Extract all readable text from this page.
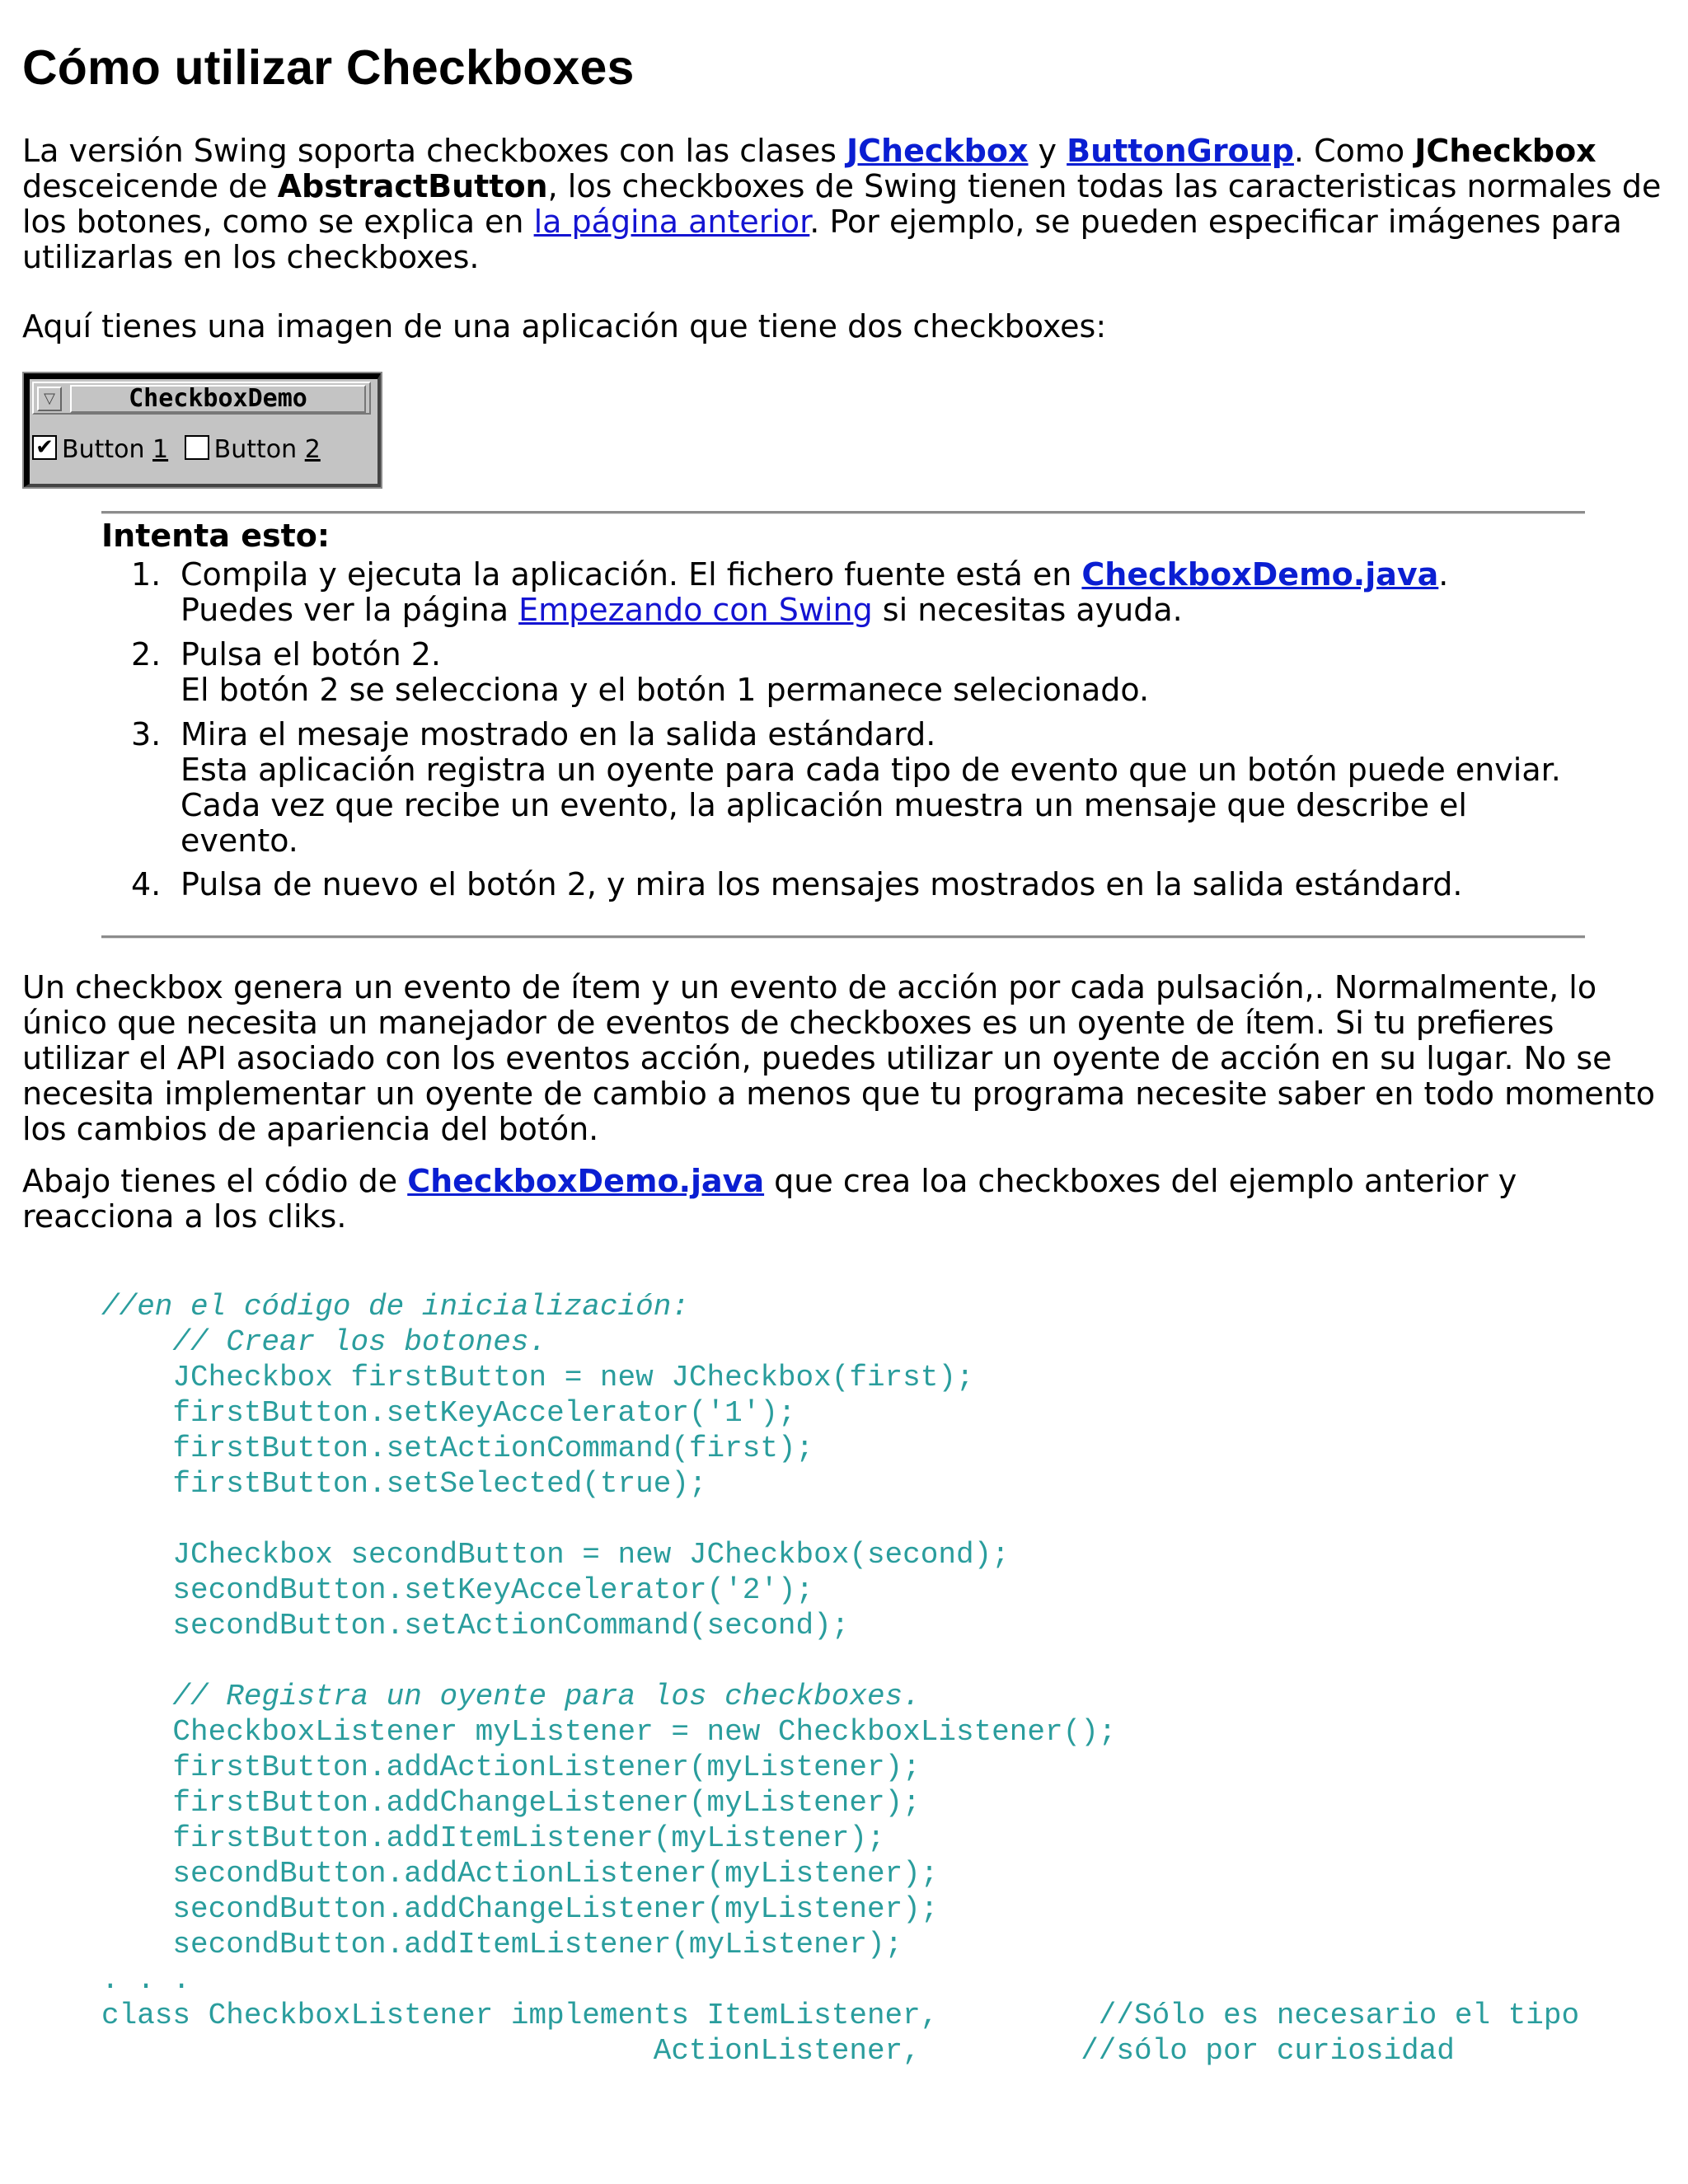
Cómo utilizar Checkboxes
La versión Swing soporta checkboxes con las clases JCheckbox y ButtonGroup. Como JCheckbox desceicende de AbstractButton, los checkboxes de Swing tienen todas las caracteristicas normales de los botones, como se explica en la página anterior. Por ejemplo, se pueden especificar imágenes para utilizarlas en los checkboxes.
Aquí tienes una imagen de una aplicación que tiene dos checkboxes:
▽	CheckboxDemo
✔ Button 1 Button 2
Intenta esto:
1. Compila y ejecuta la aplicación. El fichero fuente está en CheckboxDemo.java.
Puedes ver la página Empezando con Swing si necesitas ayuda.
2. Pulsa el botón 2.
El botón 2 se selecciona y el botón 1 permanece selecionado.
3. Mira el mesaje mostrado en la salida estándard.
Esta aplicación registra un oyente para cada tipo de evento que un botón puede enviar.
Cada vez que recibe un evento, la aplicación muestra un mensaje que describe el
evento.
4. Pulsa de nuevo el botón 2, y mira los mensajes mostrados en la salida estándard.
Un checkbox genera un evento de ítem y un evento de acción por cada pulsación,. Normalmente, lo único que necesita un manejador de eventos de checkboxes es un oyente de ítem. Si tu prefieres utilizar el API asociado con los eventos acción, puedes utilizar un oyente de acción en su lugar. No se necesita implementar un oyente de cambio a menos que tu programa necesite saber en todo momento los cambios de apariencia del botón.
Abajo tienes el códio de CheckboxDemo.java que crea loa checkboxes del ejemplo anterior y reacciona a los cliks.
//en el código de inicialización:
// Crear los botones.
JCheckbox firstButton = new JCheckbox(first);
firstButton.setKeyAccelerator('1');
firstButton.setActionCommand(first);
firstButton.setSelected(true);
JCheckbox secondButton = new JCheckbox(second);
secondButton.setKeyAccelerator('2');
secondButton.setActionCommand(second);
// Registra un oyente para los checkboxes.
CheckboxListener myListener = new CheckboxListener();
firstButton.addActionListener(myListener);
firstButton.addChangeListener(myListener);
firstButton.addItemListener(myListener);
secondButton.addActionListener(myListener);
secondButton.addChangeListener(myListener);
secondButton.addItemListener(myListener);
. . .
class CheckboxListener implements ItemListener,         //Sólo es necesario el tipo
ActionListener,         //sólo por curiosidad
